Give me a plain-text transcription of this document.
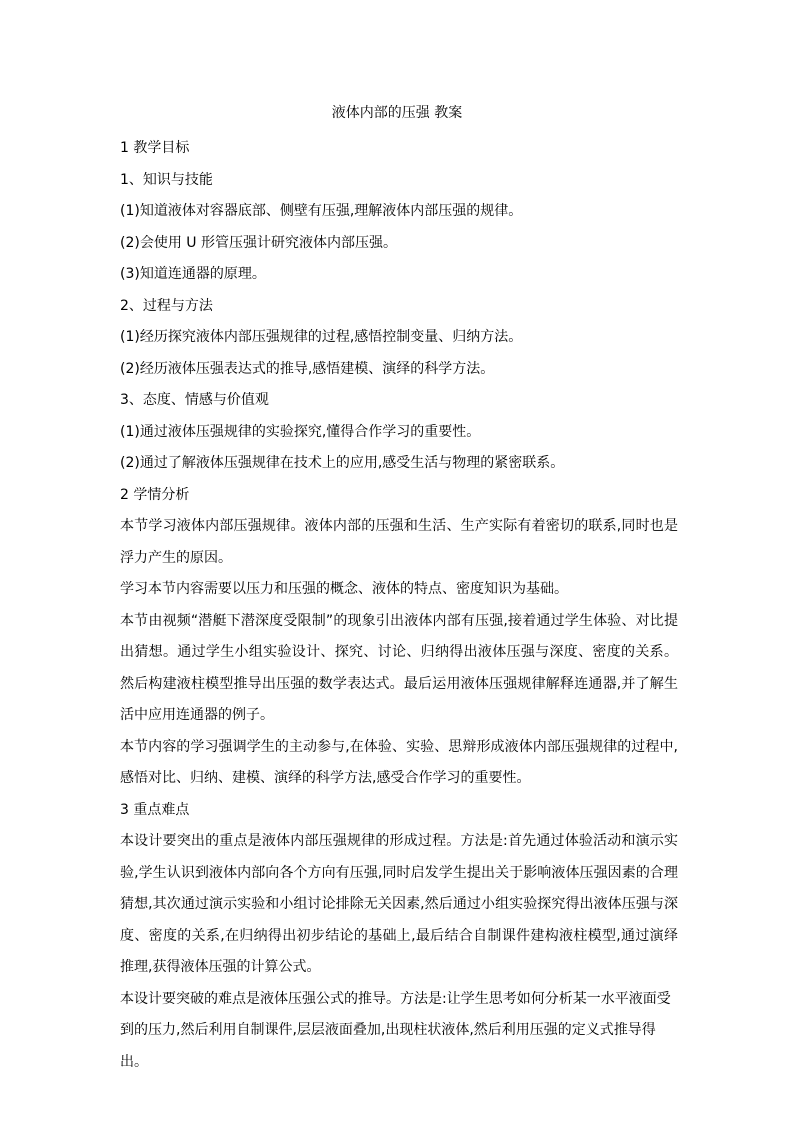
液体内部的压强 教案

1 教学目标

1、知识与技能

(1)知道液体对容器底部、侧壁有压强,理解液体内部压强的规律。

(2)会使用 U 形管压强计研究液体内部压强。

(3)知道连通器的原理。

2、过程与方法

(1)经历探究液体内部压强规律的过程,感悟控制变量、归纳方法。

(2)经历液体压强表达式的推导,感悟建模、演绎的科学方法。

3、态度、情感与价值观

(1)通过液体压强规律的实验探究,懂得合作学习的重要性。

(2)通过了解液体压强规律在技术上的应用,感受生活与物理的紧密联系。

2 学情分析

本节学习液体内部压强规律。液体内部的压强和生活、生产实际有着密切的联系,同时也是浮力产生的原因。

学习本节内容需要以压力和压强的概念、液体的特点、密度知识为基础。

本节由视频“潜艇下潜深度受限制”的现象引出液体内部有压强,接着通过学生体验、对比提出猜想。通过学生小组实验设计、探究、讨论、归纳得出液体压强与深度、密度的关系。然后构建液柱模型推导出压强的数学表达式。最后运用液体压强规律解释连通器,并了解生活中应用连通器的例子。

本节内容的学习强调学生的主动参与,在体验、实验、思辩形成液体内部压强规律的过程中,感悟对比、归纳、建模、演绎的科学方法,感受合作学习的重要性。

3 重点难点

本设计要突出的重点是液体内部压强规律的形成过程。方法是:首先通过体验活动和演示实验,学生认识到液体内部向各个方向有压强,同时启发学生提出关于影响液体压强因素的合理猜想,其次通过演示实验和小组讨论排除无关因素,然后通过小组实验探究得出液体压强与深度、密度的关系,在归纳得出初步结论的基础上,最后结合自制课件建构液柱模型,通过演绎推理,获得液体压强的计算公式。

本设计要突破的难点是液体压强公式的推导。方法是:让学生思考如何分析某一水平液面受到的压力,然后利用自制课件,层层液面叠加,出现柱状液体,然后利用压强的定义式推导得出。
